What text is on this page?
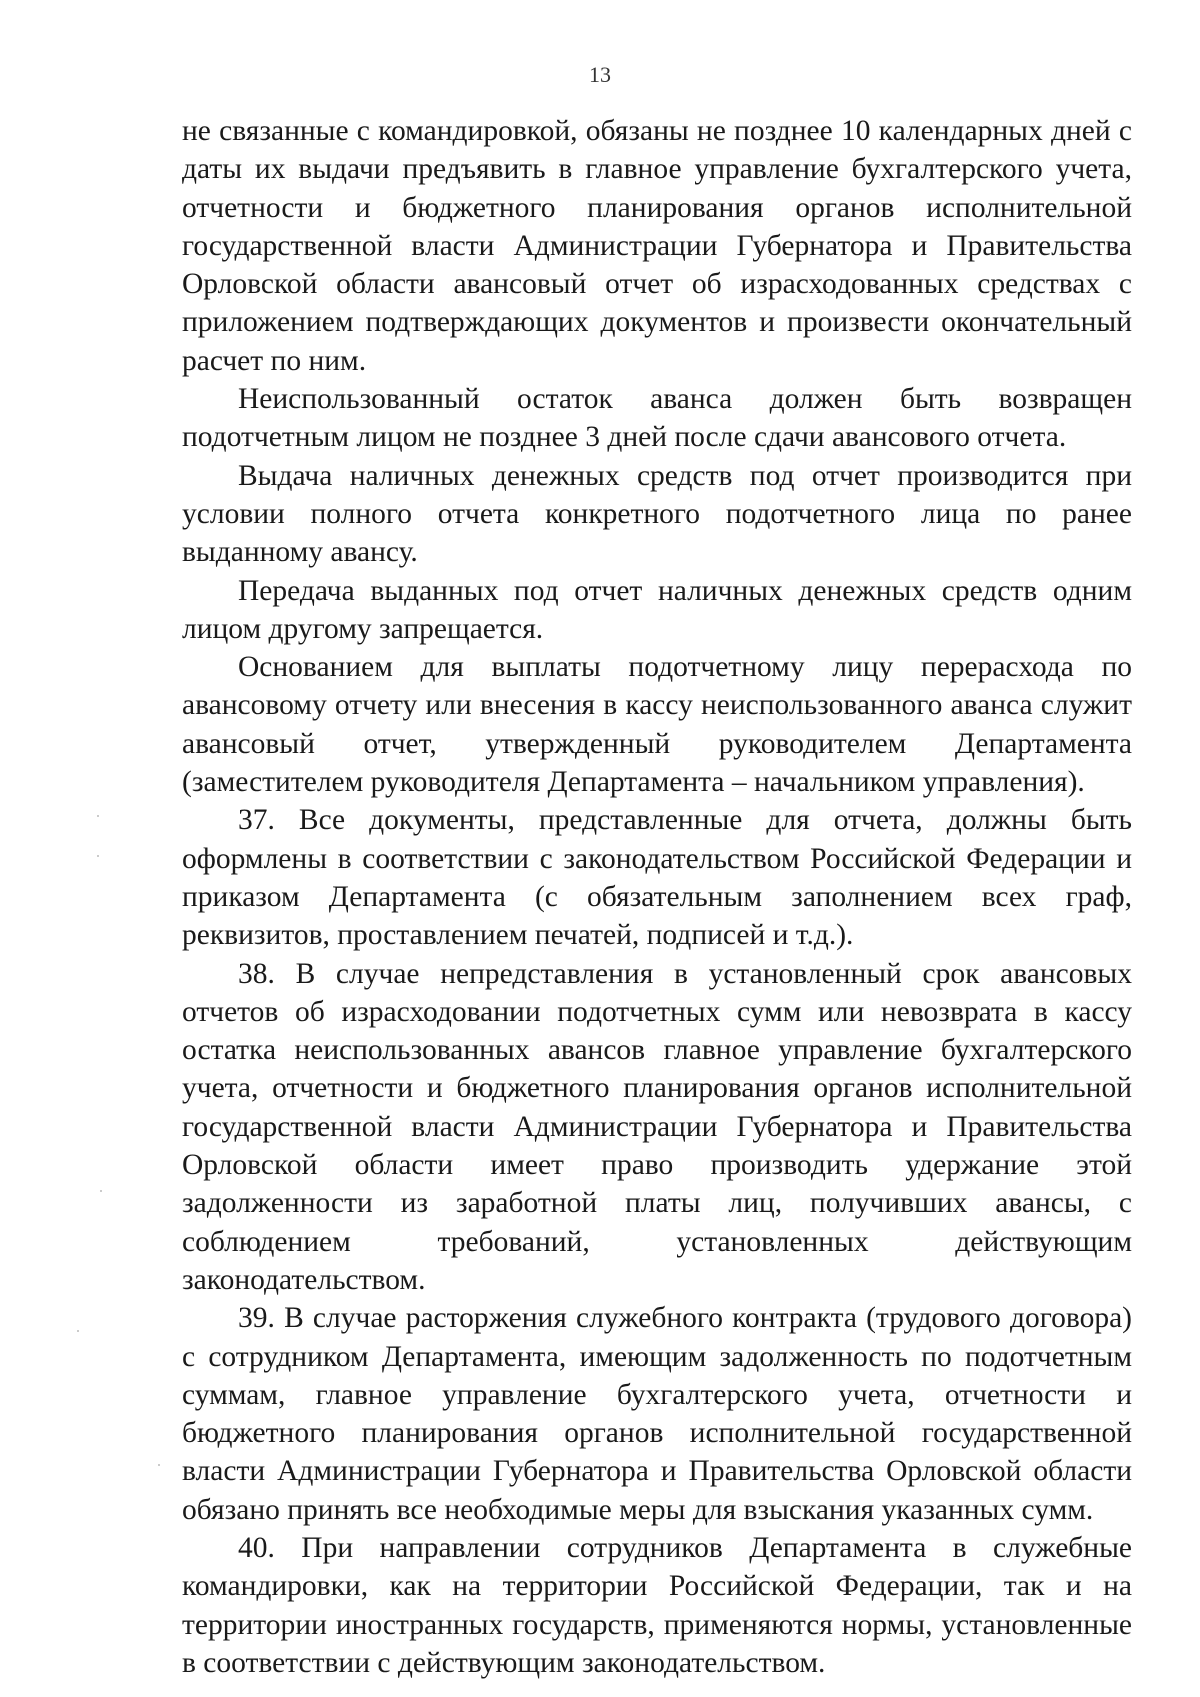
13

не связанные с командировкой, обязаны не позднее 10 календарных дней с даты их выдачи предъявить в главное управление бухгалтерского учета, отчетности и бюджетного планирования органов исполнительной государственной власти Администрации Губернатора и Правительства Орловской области авансовый отчет об израсходованных средствах с приложением подтверждающих документов и произвести окончательный расчет по ним.

Неиспользованный остаток аванса должен быть возвращен подотчетным лицом не позднее 3 дней после сдачи авансового отчета.

Выдача наличных денежных средств под отчет производится при условии полного отчета конкретного подотчетного лица по ранее выданному авансу.

Передача выданных под отчет наличных денежных средств одним лицом другому запрещается.

Основанием для выплаты подотчетному лицу перерасхода по авансовому отчету или внесения в кассу неиспользованного аванса служит авансовый отчет, утвержденный руководителем Департамента (заместителем руководителя Департамента – начальником управления).

37. Все документы, представленные для отчета, должны быть оформлены в соответствии с законодательством Российской Федерации и приказом Департамента (с обязательным заполнением всех граф, реквизитов, проставлением печатей, подписей и т.д.).

38. В случае непредставления в установленный срок авансовых отчетов об израсходовании подотчетных сумм или невозврата в кассу остатка неиспользованных авансов главное управление бухгалтерского учета, отчетности и бюджетного планирования органов исполнительной государственной власти Администрации Губернатора и Правительства Орловской области имеет право производить удержание этой задолженности из заработной платы лиц, получивших авансы, с соблюдением требований, установленных действующим законодательством.

39. В случае расторжения служебного контракта (трудового договора) с сотрудником Департамента, имеющим задолженность по подотчетным суммам, главное управление бухгалтерского учета, отчетности и бюджетного планирования органов исполнительной государственной власти Администрации Губернатора и Правительства Орловской области обязано принять все необходимые меры для взыскания указанных сумм.

40. При направлении сотрудников Департамента в служебные командировки, как на территории Российской Федерации, так и на территории иностранных государств, применяются нормы, установленные в соответствии с действующим законодательством.
